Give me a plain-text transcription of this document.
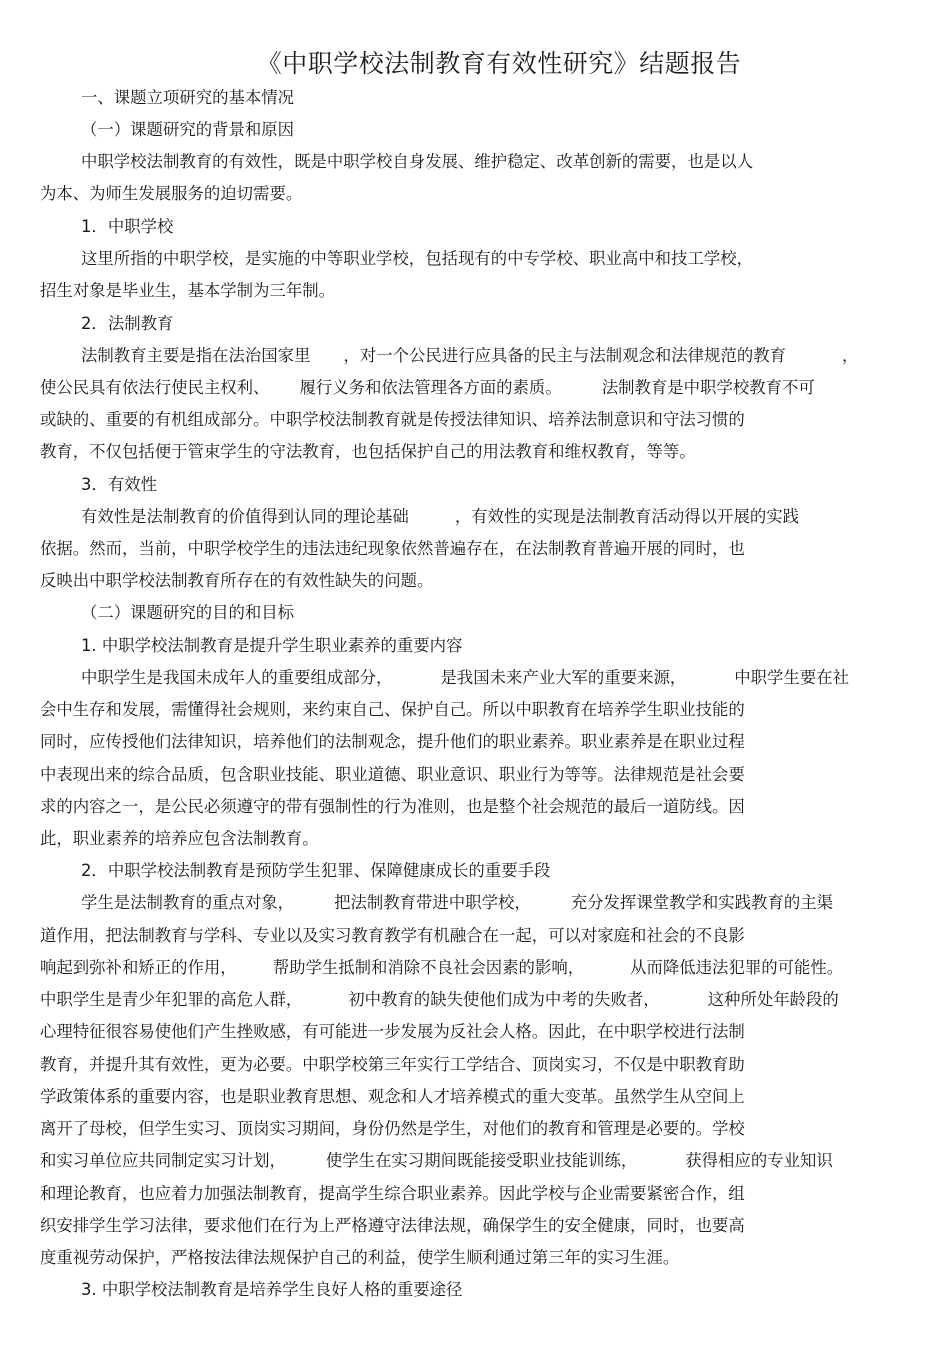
《中职学校法制教育有效性研究》结题报告
一、课题立项研究的基本情况
（一）课题研究的背景和原因
中职学校法制教育的有效性，既是中职学校自身发展、维护稳定、改革创新的需要，也是以人
为本、为师生发展服务的迫切需要。
1．中职学校
这里所指的中职学校，是实施的中等职业学校，包括现有的中专学校、职业高中和技工学校，
招生对象是毕业生，基本学制为三年制。
2．法制教育
法制教育主要是指在法治国家里 ，对一个公民进行应具备的民主与法制观念和法律规范的教育	，
使公民具有依法行使民主权利、 履行义务和依法管理各方面的素质。 法制教育是中职学校教育不可
或缺的、重要的有机组成部分。中职学校法制教育就是传授法律知识、培养法制意识和守法习惯的
教育，不仅包括便于管束学生的守法教育，也包括保护自己的用法教育和维权教育，等等。
3．有效性
有效性是法制教育的价值得到认同的理论基础	，有效性的实现是法制教育活动得以开展的实践
依据。然而，当前，中职学校学生的违法违纪现象依然普遍存在，在法制教育普遍开展的同时，也
反映出中职学校法制教育所存在的有效性缺失的问题。
（二）课题研究的目的和目标
1. 中职学校法制教育是提升学生职业素养的重要内容
中职学生是我国未成年人的重要组成部分，	是我国未来产业大军的重要来源，	中职学生要在社
会中生存和发展，需懂得社会规则，来约束自己、保护自己。所以中职教育在培养学生职业技能的
同时，应传授他们法律知识，培养他们的法制观念，提升他们的职业素养。职业素养是在职业过程
中表现出来的综合品质，包含职业技能、职业道德、职业意识、职业行为等等。法律规范是社会要
求的内容之一，是公民必须遵守的带有强制性的行为准则，也是整个社会规范的最后一道防线。因
此，职业素养的培养应包含法制教育。
2．中职学校法制教育是预防学生犯罪、保障健康成长的重要手段
学生是法制教育的重点对象， 把法制教育带进中职学校， 充分发挥课堂教学和实践教育的主渠
道作用，把法制教育与学科、专业以及实习教育教学有机融合在一起，可以对家庭和社会的不良影
响起到弥补和矫正的作用， 帮助学生抵制和消除不良社会因素的影响，	从而降低违法犯罪的可能性。
中职学生是青少年犯罪的高危人群，	初中教育的缺失使他们成为中考的失败者，	这种所处年龄段的
心理特征很容易使他们产生挫败感，有可能进一步发展为反社会人格。因此，在中职学校进行法制
教育，并提升其有效性，更为必要。中职学校第三年实行工学结合、顶岗实习，不仅是中职教育助
学政策体系的重要内容，也是职业教育思想、观念和人才培养模式的重大变革。虽然学生从空间上
离开了母校，但学生实习、顶岗实习期间，身份仍然是学生，对他们的教育和管理是必要的。学校
和实习单位应共同制定实习计划， 使学生在实习期间既能接受职业技能训练，	获得相应的专业知识
和理论教育，也应着力加强法制教育，提高学生综合职业素养。因此学校与企业需要紧密合作，组
织安排学生学习法律，要求他们在行为上严格遵守法律法规，确保学生的安全健康，同时，也要高
度重视劳动保护，严格按法律法规保护自己的利益，使学生顺利通过第三年的实习生涯。
3. 中职学校法制教育是培养学生良好人格的重要途径
